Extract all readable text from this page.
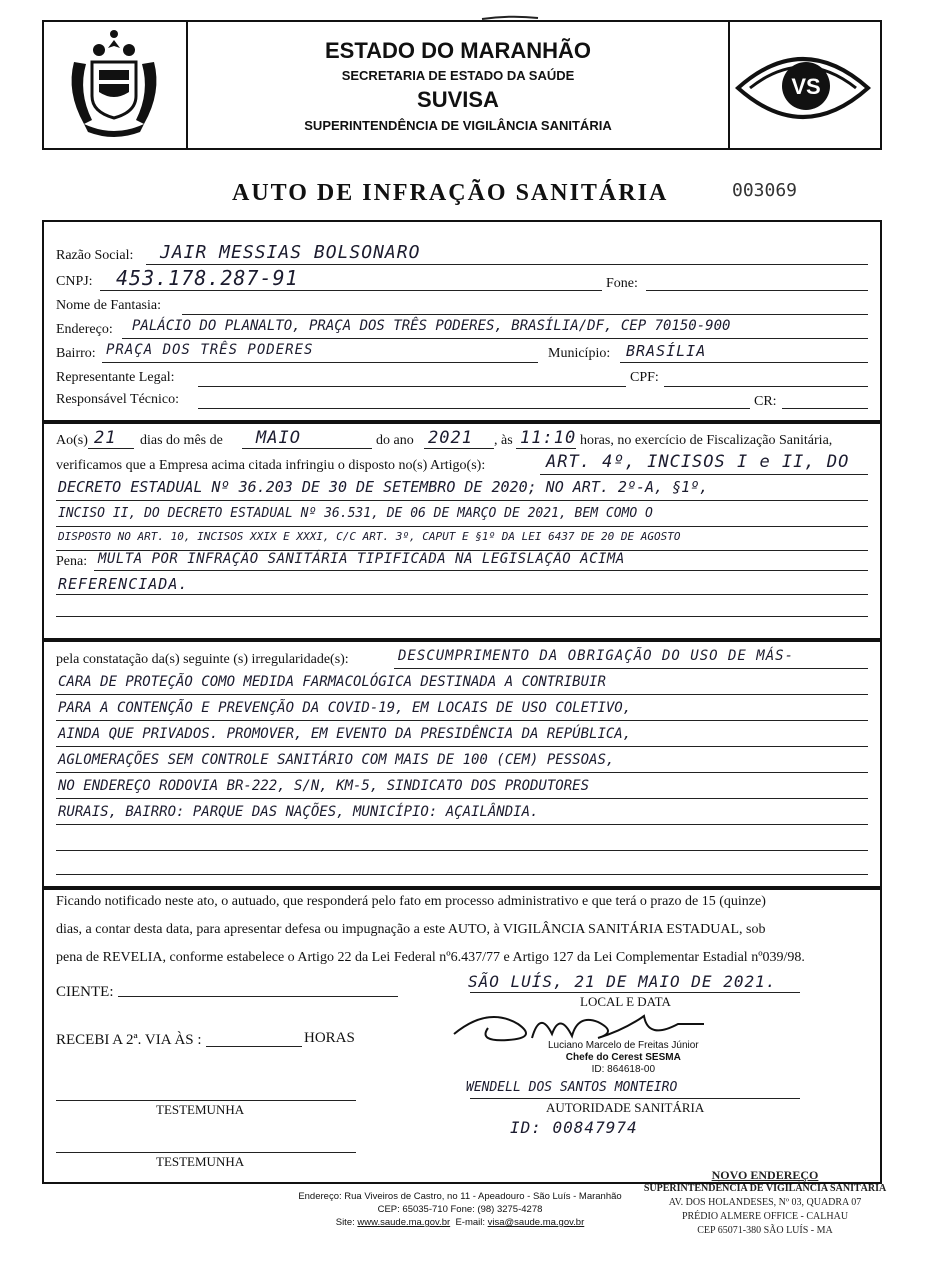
ESTADO DO MARANHÃO
SECRETARIA DE ESTADO DA SAÚDE
SUVISA
SUPERINTENDÊNCIA DE VIGILÂNCIA SANITÁRIA
VS
AUTO DE INFRAÇÃO SANITÁRIA	003069
Razão Social: JAIR MESSIAS BOLSONARO
CNPJ: 453.178.287-91	Fone:
Nome de Fantasia:
Endereço: PALÁCIO DO PLANALTO, PRAÇA DOS TRÊS PODERES, BRASÍLIA/DF, CEP 70150-900
Bairro: PRAÇA DOS TRÊS PODERES	Município: BRASÍLIA
Representante Legal:	CPF:
Responsável Técnico:	CR:
Ao(s) 21 dias do mês de MAIO	do ano 2021 , às 11:10 horas, no exercício de Fiscalização Sanitária,
verificamos que a Empresa acima citada infringiu o disposto no(s) Artigo(s):	ART. 4º, INCISOS I e II, DO
DECRETO ESTADUAL Nº 36.203 DE 30 DE SETEMBRO DE 2020; NO ART. 2º-A, §1º,
INCISO II, DO DECRETO ESTADUAL Nº 36.531, DE 06 DE MARÇO DE 2021, BEM COMO O
DISPOSTO NO ART. 10, INCISOS XXIX E XXXI, C/C ART. 3º, CAPUT E §1º DA LEI 6437 DE 20 DE AGOSTO
Pena: MULTA POR INFRAÇÃO SANITÁRIA TIPIFICADA NA LEGISLAÇÃO ACIMA
REFERENCIADA.
pela constatação da(s) seguinte (s) irregularidade(s):	DESCUMPRIMENTO DA OBRIGAÇÃO DO USO DE MÁS-
CARA DE PROTEÇÃO COMO MEDIDA FARMACOLÓGICA DESTINADA A CONTRIBUIR
PARA A CONTENÇÃO E PREVENÇÃO DA COVID-19, EM LOCAIS DE USO COLETIVO,
AINDA QUE PRIVADOS. PROMOVER, EM EVENTO DA PRESIDÊNCIA DA REPÚBLICA,
AGLOMERAÇÕES SEM CONTROLE SANITÁRIO COM MAIS DE 100 (CEM) PESSOAS,
NO ENDEREÇO RODOVIA BR-222, S/N, KM-5, SINDICATO DOS PRODUTORES
RURAIS, BAIRRO: PARQUE DAS NAÇÕES, MUNICÍPIO: AÇAILÂNDIA.
Ficando notificado neste ato, o autuado, que responderá pelo fato em processo administrativo e que terá o prazo de 15 (quinze)
dias, a contar desta data, para apresentar defesa ou impugnação a este AUTO, à VIGILÂNCIA SANITÁRIA ESTADUAL, sob
pena de REVELIA, conforme estabelece o Artigo 22 da Lei Federal nº6.437/77 e Artigo 127 da Lei Complementar Estadial nº039/98.
CIENTE:
SÃO LUÍS, 21 DE MAIO DE 2021.
LOCAL E DATA
RECEBI A 2ª. VIA ÀS :	HORAS	Luciano Marcelo de Freitas Júnior
Chefe do Cerest SESMA
ID: 864618-00
TESTEMUNHA
WENDELL DOS SANTOS MONTEIRO
AUTORIDADE SANITÁRIA
ID: 00847974
TESTEMUNHA
Endereço: Rua Viveiros de Castro, no 11 - Apeadouro - São Luís - Maranhão
CEP: 65035-710 Fone: (98) 3275-4278
Site: www.saude.ma.gov.br E-mail: visa@saude.ma.gov.br
NOVO ENDEREÇO
SUPERINTENDÊNCIA DE VIGILÂNCIA SANITÁRIA
AV. DOS HOLANDESES, Nº 03, QUADRA 07
PRÉDIO ALMERE OFFICE - CALHAU
CEP 65071-380 SÃO LUÍS - MA
